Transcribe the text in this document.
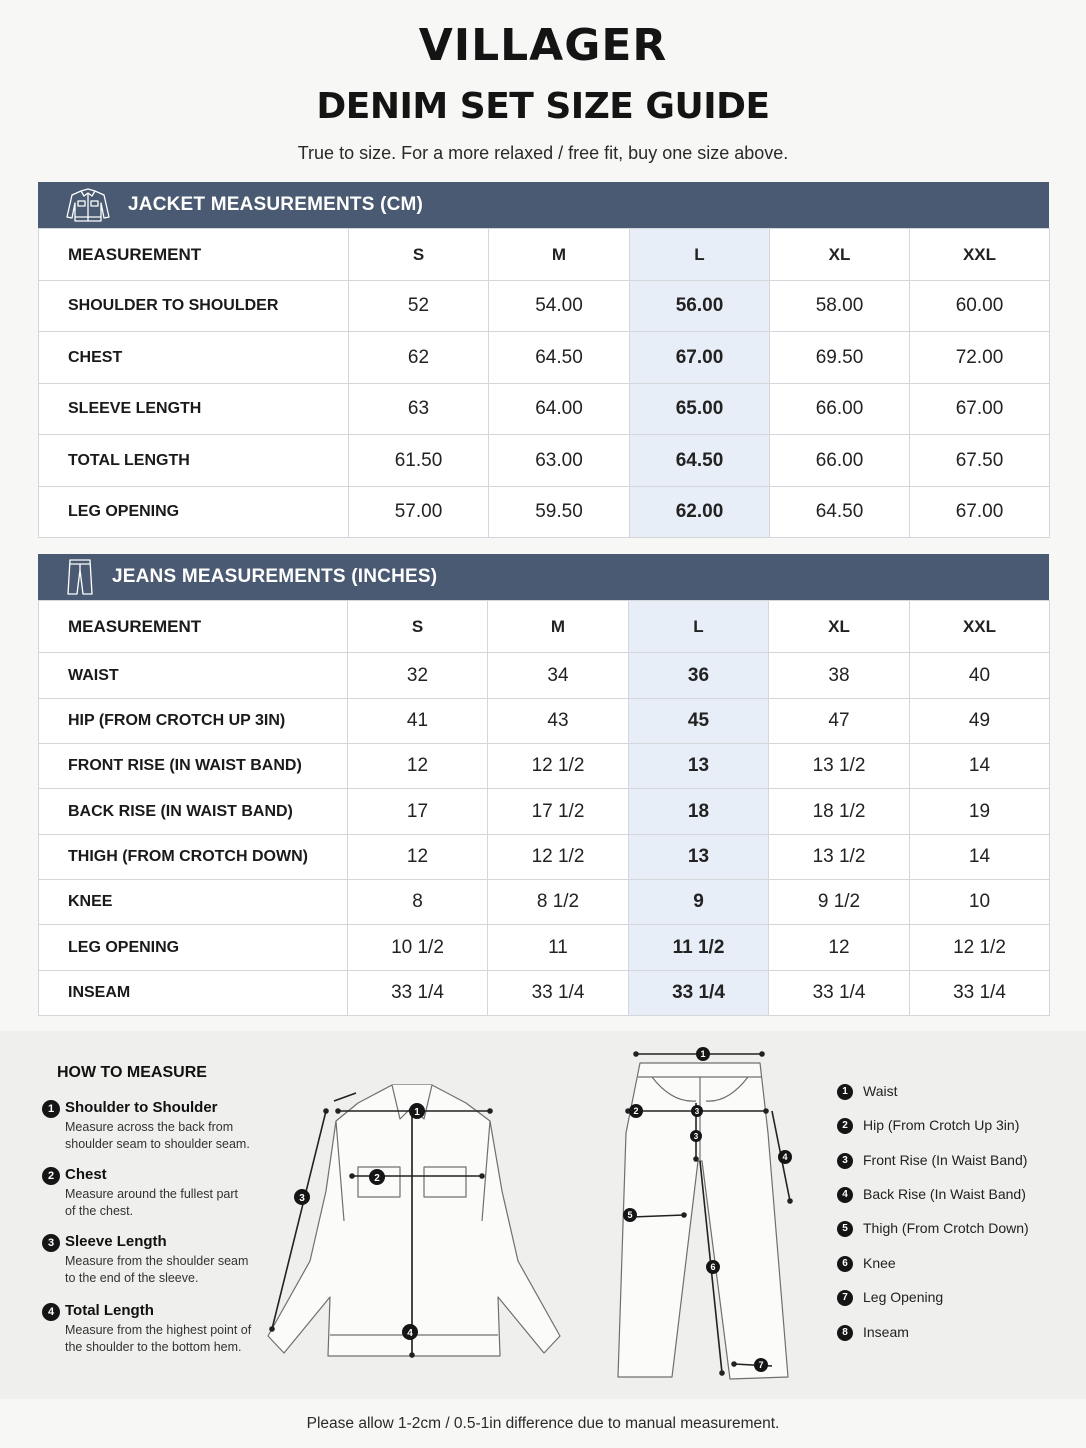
VILLAGER
DENIM SET SIZE GUIDE
True to size. For a more relaxed / free fit, buy one size above.
JACKET MEASUREMENTS (CM)
MEASUREMENT	S	M	L	XL	XXL
SHOULDER TO SHOULDER	52	54.00	56.00	58.00	60.00
CHEST	62	64.50	67.00	69.50	72.00
SLEEVE LENGTH	63	64.00	65.00	66.00	67.00
TOTAL LENGTH	61.50	63.00	64.50	66.00	67.50
LEG OPENING	57.00	59.50	62.00	64.50	67.00
JEANS MEASUREMENTS (INCHES)
MEASUREMENT	S	M	L	XL	XXL
WAIST	32	34	36	38	40
HIP (FROM CROTCH UP 3IN)	41	43	45	47	49
FRONT RISE (IN WAIST BAND)	12	12 1/2	13	13 1/2	14
BACK RISE (IN WAIST BAND)	17	17 1/2	18	18 1/2	19
THIGH (FROM CROTCH DOWN)	12	12 1/2	13	13 1/2	14
KNEE	8	8 1/2	9	9 1/2	10
LEG OPENING	10 1/2	11	11 1/2	12	12 1/2
INSEAM	33 1/4	33 1/4	33 1/4	33 1/4	33 1/4
HOW TO MEASURE
1 Shoulder to Shoulder
Measure across the back from
shoulder seam to shoulder seam.
2 Chest
Measure around the fullest part
of the chest.
3 Sleeve Length
Measure from the shoulder seam
to the end of the sleeve.
4 Total Length
Measure from the highest point of
the shoulder to the bottom hem.
1
2
3
4
1
2	3
3
4
5
6
7
1	Waist
2	Hip (From Crotch Up 3in)
3	Front Rise (In Waist Band)
4	Back Rise (In Waist Band)
5	Thigh (From Crotch Down)
6	Knee
7	Leg Opening
8	Inseam
Please allow 1-2cm / 0.5-1in difference due to manual measurement.
